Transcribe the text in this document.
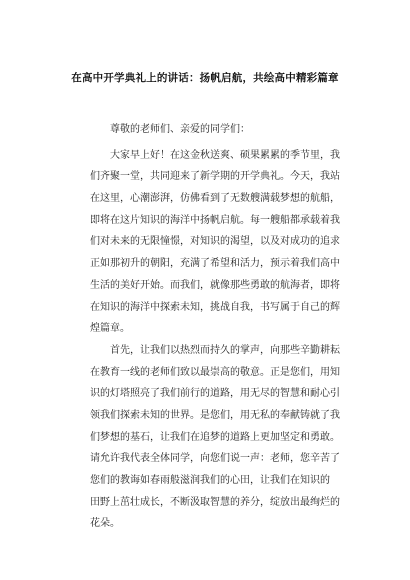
在高中开学典礼上的讲话：扬帆启航，共绘高中精彩篇章
尊敬的老师们、亲爱的同学们：
大家早上好！在这金秋送爽、硕果累累的季节里，我
们齐聚一堂，共同迎来了新学期的开学典礼。今天，我站
在这里，心潮澎湃，仿佛看到了无数艘满载梦想的航船，
即将在这片知识的海洋中扬帆启航。每一艘船都承载着我
们对未来的无限憧憬，对知识的渴望，以及对成功的追求
正如那初升的朝阳，充满了希望和活力，预示着我们高中
生活的美好开始。而我们，就像那些勇敢的航海者，即将
在知识的海洋中探索未知，挑战自我，书写属于自己的辉
煌篇章。
首先，让我们以热烈而持久的掌声，向那些辛勤耕耘
在教育一线的老师们致以最崇高的敬意。正是您们，用知
识的灯塔照亮了我们前行的道路，用无尽的智慧和耐心引
领我们探索未知的世界。是您们，用无私的奉献铸就了我
们梦想的基石，让我们在追梦的道路上更加坚定和勇敢。
请允许我代表全体同学，向您们说一声：老师，您辛苦了
您们的教诲如春雨般滋润我们的心田，让我们在知识的
田野上茁壮成长，不断汲取智慧的养分，绽放出最绚烂的
花朵。
